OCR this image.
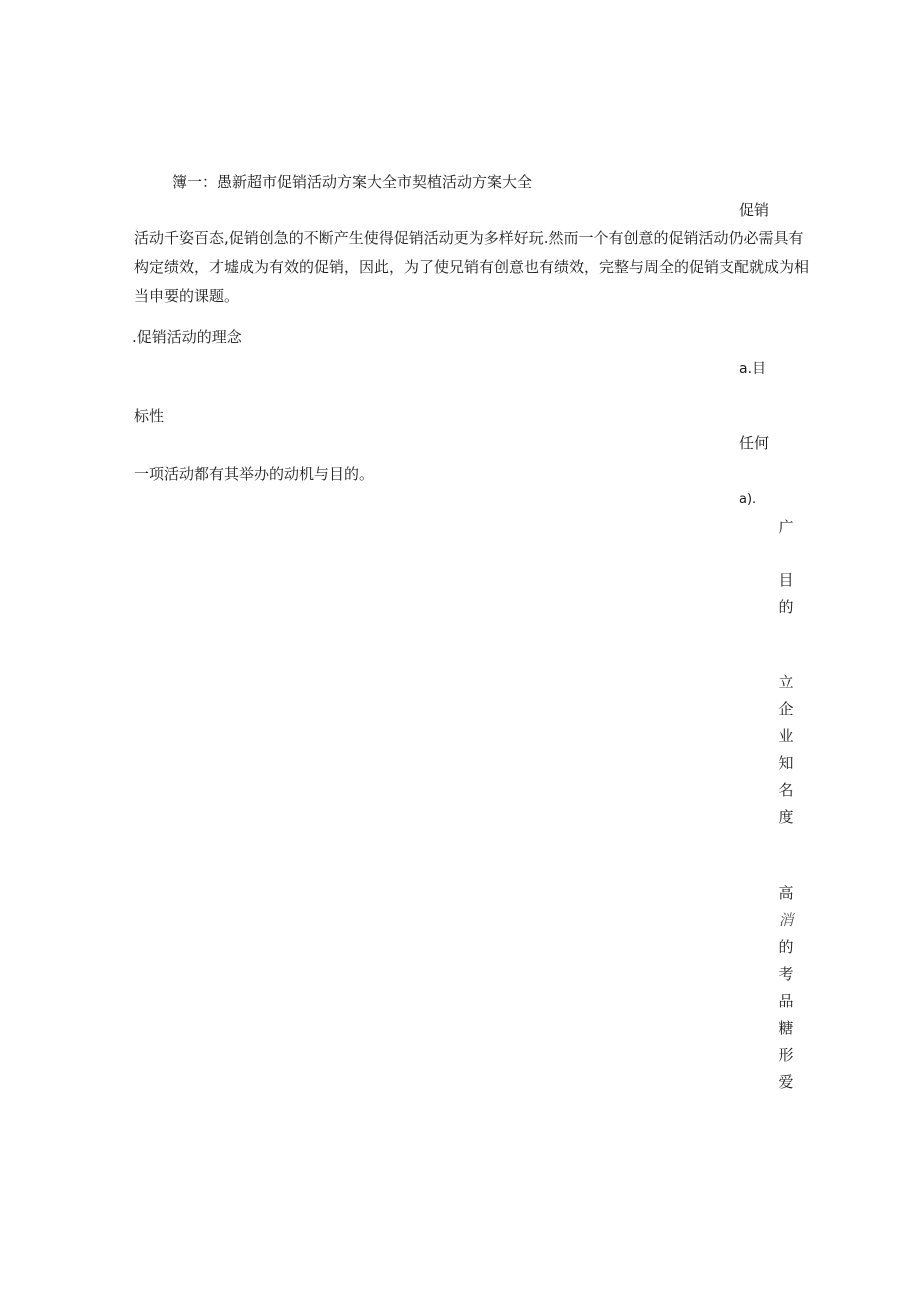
簿一：愚新超市促销活动方案大全市契植活动方案大全

促销

活动千姿百态,促销创急的不断产生使得促销活动更为多样好玩.然而一个有创意的促销活动仍必需具有

构定绩效，才墟成为有效的促销，因此，为了使兄销有创意也有绩效，完整与周全的促销支配就成为相

当申要的课题。

.促销活动的理念

a.目

标性

任何

一项活动都有其举办的动机与目的。

a).

广
目
的
立
企
业
知
名
度
高
消
的
考
品
糖
形
爱
